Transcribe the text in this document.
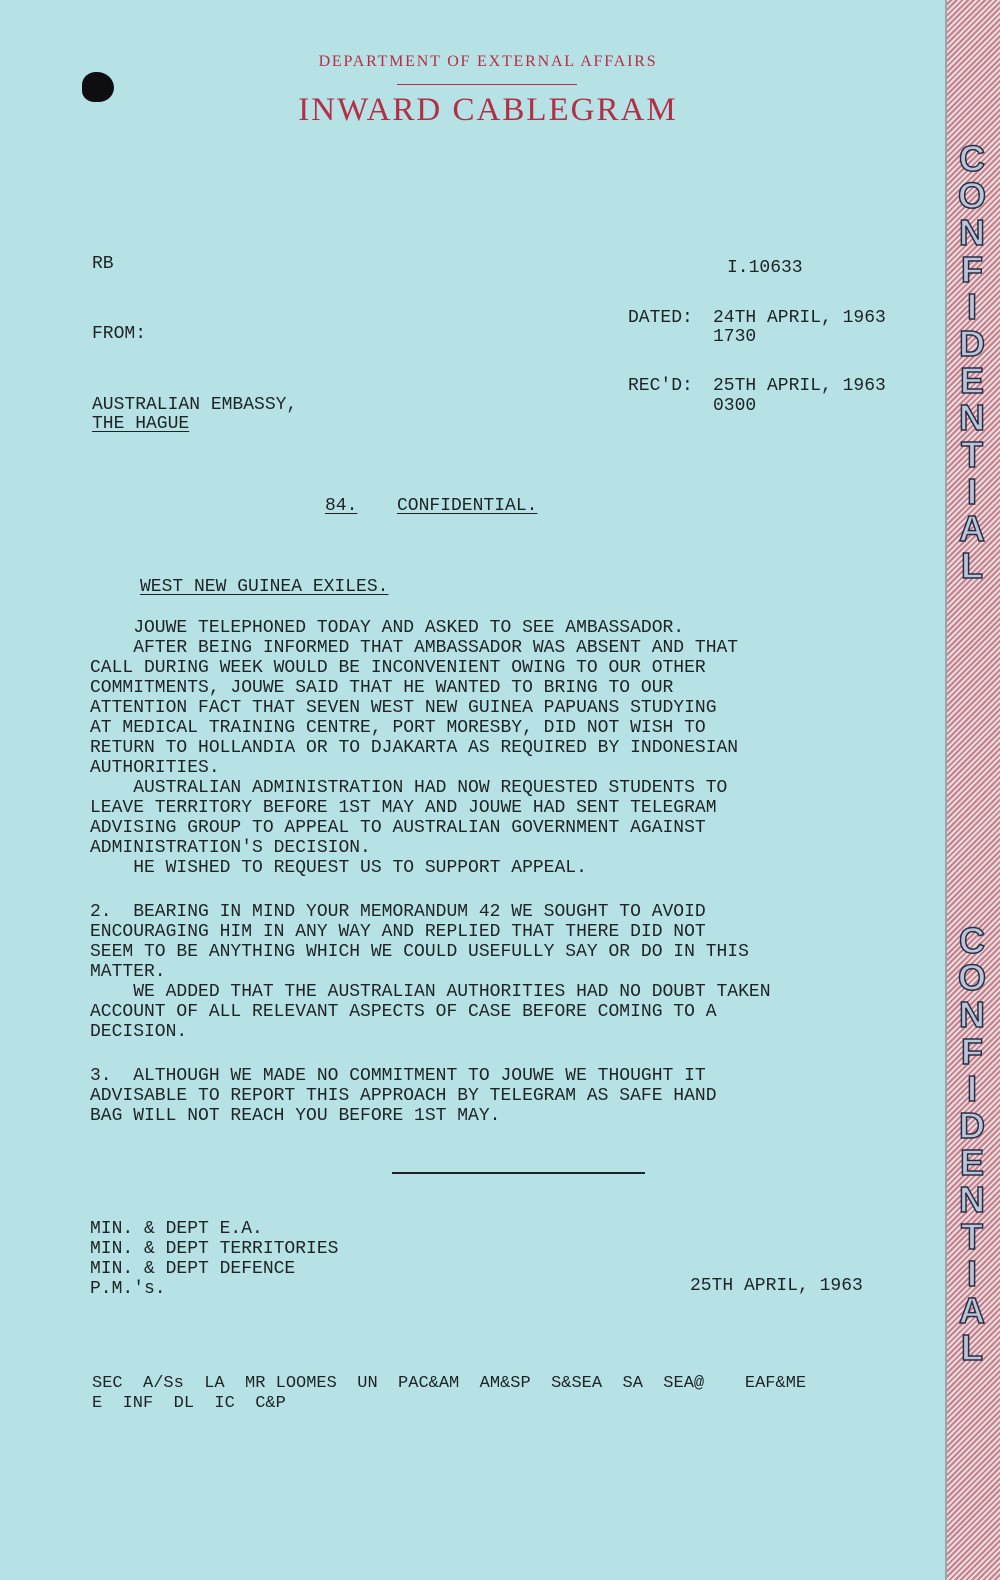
C
O
N
F
I
D
E
N
T
I
A
L
C
O
N
F
I
D
E
N
T
I
A
L
DEPARTMENT OF EXTERNAL AFFAIRS
INWARD CABLEGRAM
RB	I.10633
FROM:
DATED: 24TH APRIL, 1963
1730
REC'D: 25TH APRIL, 1963
0300
AUSTRALIAN EMBASSY,
THE HAGUE
84. CONFIDENTIAL.
WEST NEW GUINEA EXILES.
JOUWE TELEPHONED TODAY AND ASKED TO SEE AMBASSADOR.
AFTER BEING INFORMED THAT AMBASSADOR WAS ABSENT AND THAT
CALL DURING WEEK WOULD BE INCONVENIENT OWING TO OUR OTHER
COMMITMENTS, JOUWE SAID THAT HE WANTED TO BRING TO OUR
ATTENTION FACT THAT SEVEN WEST NEW GUINEA PAPUANS STUDYING
AT MEDICAL TRAINING CENTRE, PORT MORESBY, DID NOT WISH TO
RETURN TO HOLLANDIA OR TO DJAKARTA AS REQUIRED BY INDONESIAN
AUTHORITIES.
AUSTRALIAN ADMINISTRATION HAD NOW REQUESTED STUDENTS TO
LEAVE TERRITORY BEFORE 1ST MAY AND JOUWE HAD SENT TELEGRAM
ADVISING GROUP TO APPEAL TO AUSTRALIAN GOVERNMENT AGAINST
ADMINISTRATION'S DECISION.
HE WISHED TO REQUEST US TO SUPPORT APPEAL.
2.  BEARING IN MIND YOUR MEMORANDUM 42 WE SOUGHT TO AVOID
ENCOURAGING HIM IN ANY WAY AND REPLIED THAT THERE DID NOT
SEEM TO BE ANYTHING WHICH WE COULD USEFULLY SAY OR DO IN THIS
MATTER.
WE ADDED THAT THE AUSTRALIAN AUTHORITIES HAD NO DOUBT TAKEN
ACCOUNT OF ALL RELEVANT ASPECTS OF CASE BEFORE COMING TO A
DECISION.
3.  ALTHOUGH WE MADE NO COMMITMENT TO JOUWE WE THOUGHT IT
ADVISABLE TO REPORT THIS APPROACH BY TELEGRAM AS SAFE HAND
BAG WILL NOT REACH YOU BEFORE 1ST MAY.
MIN. & DEPT E.A.
MIN. & DEPT TERRITORIES
MIN. & DEPT DEFENCE
P.M.'s.	25TH APRIL, 1963
SEC  A/Ss  LA  MR LOOMES  UN  PAC&AM  AM&SP  S&SEA  SA  SEA@    EAF&ME
E  INF  DL  IC  C&P
